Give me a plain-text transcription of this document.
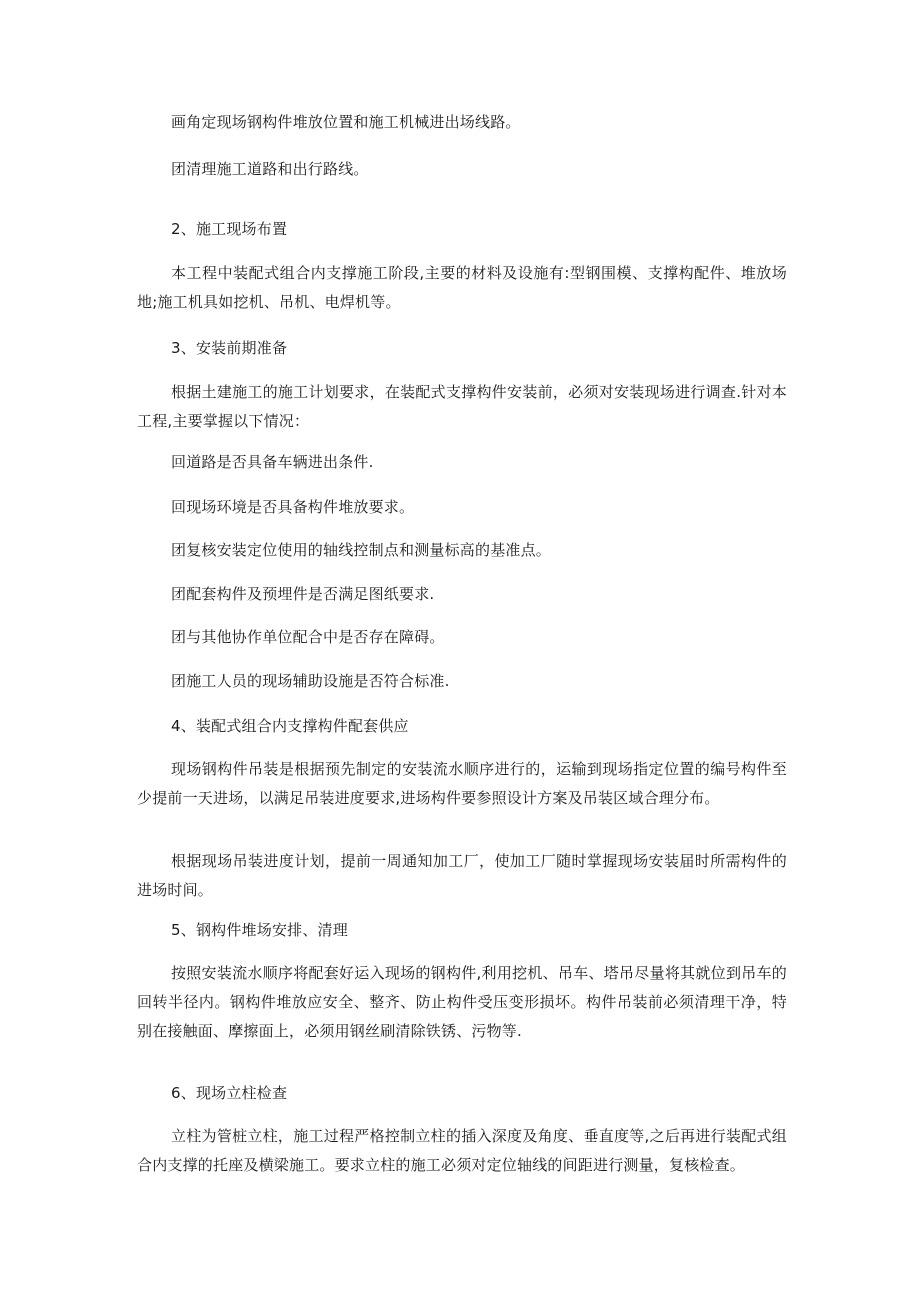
画角定现场钢构件堆放位置和施工机械进出场线路。
团清理施工道路和出行路线。
2、施工现场布置

本工程中装配式组合内支撑施工阶段,主要的材料及设施有:型钢围模、支撑构配件、堆放场地;施工机具如挖机、吊机、电焊机等。

3、安装前期准备

根据土建施工的施工计划要求，在装配式支撑构件安装前，必须对安装现场进行调查.针对本工程,主要掌握以下情况：

回道路是否具备车辆进出条件.
回现场环境是否具备构件堆放要求。
团复核安装定位使用的轴线控制点和测量标高的基准点。
团配套构件及预埋件是否满足图纸要求.
团与其他协作单位配合中是否存在障碍。
团施工人员的现场辅助设施是否符合标准.
4、装配式组合内支撑构件配套供应

现场钢构件吊装是根据预先制定的安装流水顺序进行的，运输到现场指定位置的编号构件至少提前一天进场，以满足吊装进度要求,进场构件要参照设计方案及吊装区域合理分布。

根据现场吊装进度计划，提前一周通知加工厂，使加工厂随时掌握现场安装届时所需构件的进场时间。

5、钢构件堆场安排、清理

按照安装流水顺序将配套好运入现场的钢构件,利用挖机、吊车、塔吊尽量将其就位到吊车的回转半径内。钢构件堆放应安全、整齐、防止构件受压变形损坏。构件吊装前必须清理干净，特别在接触面、摩擦面上，必须用钢丝刷清除铁锈、污物等.

6、现场立柱检查

立柱为管桩立柱，施工过程严格控制立柱的插入深度及角度、垂直度等,之后再进行装配式组合内支撑的托座及横梁施工。要求立柱的施工必须对定位轴线的间距进行测量，复核检查。
